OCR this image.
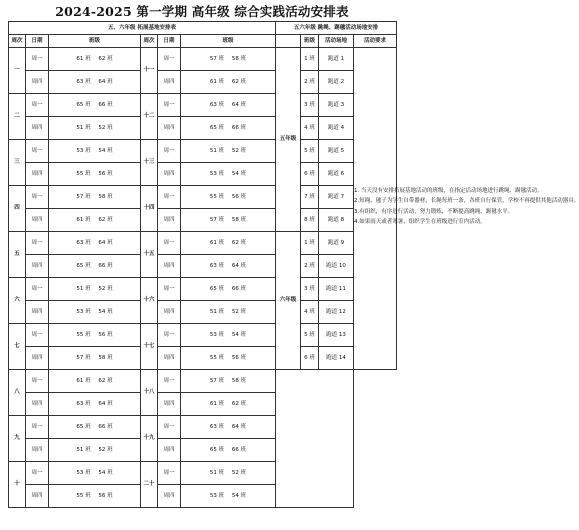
2024-2025 第一学期 高年级 综合实践活动安排表
五、六年级 拓展基地安排表						五六年级 跳绳、踢毽活动场地安排			
周次	日期	班级	周次	日期	班级		班级	活动场地	活动要求
一	周一	61 班 62 班	十一	周一	57 班 58 班	五年级	1 班	跑道 1	1. 当天没有安排拓展基地活动的班级，在指定活动场地进行跳绳、踢毽活动。

2.短绳、毽子为学生自带器材，长绳每班一条，各班自行保管，学校不再提供其他活动器具。

3.有组织，有序进行活动，努力锻炼，不断提高跳绳、踢毽水平。

4.如果雨天或者寒暑，组织学生在班级进行室内活动。

	周四	63 班 64 班		周四	61 班 62 班		2 班	跑道 2	
二	周一	65 班 66 班	十二	周一	63 班 64 班		3 班	跑道 3	
	周四	51 班 52 班		周四	65 班 66 班		4 班	跑道 4	
三	周一	53 班 54 班	十三	周一	51 班 52 班		5 班	跑道 5	
	周四	55 班 56 班		周四	53 班 54 班		6 班	跑道 6	
四	周一	57 班 58 班	十四	周一	55 班 56 班		7 班	跑道 7	
	周四	61 班 62 班		周四	57 班 58 班		8 班	跑道 8	
五	周一	63 班 64 班	十五	周一	61 班 62 班	六年级	1 班	跑道 9	
	周四	65 班 66 班		周四	63 班 64 班		2 班	跑道 10	
六	周一	51 班 52 班	十六	周一	65 班 66 班		3 班	跑道 11	
	周四	53 班 54 班		周四	51 班 52 班		4 班	跑道 12	
七	周一	55 班 56 班	十七	周一	53 班 54 班		5 班	跑道 13	
	周四	57 班 58 班		周四	55 班 56 班		6 班	跑道 14	
八	周一	61 班 62 班	十八	周一	57 班 58 班				
	周四	63 班 64 班		周四	61 班 62 班				
九	周一	65 班 66 班	十九	周一	63 班 64 班				
	周四	51 班 52 班		周四	65 班 66 班				
十	周一	53 班 54 班	二十	周一	51 班 52 班				
	周四	55 班 56 班		周四	53 班 54 班				
